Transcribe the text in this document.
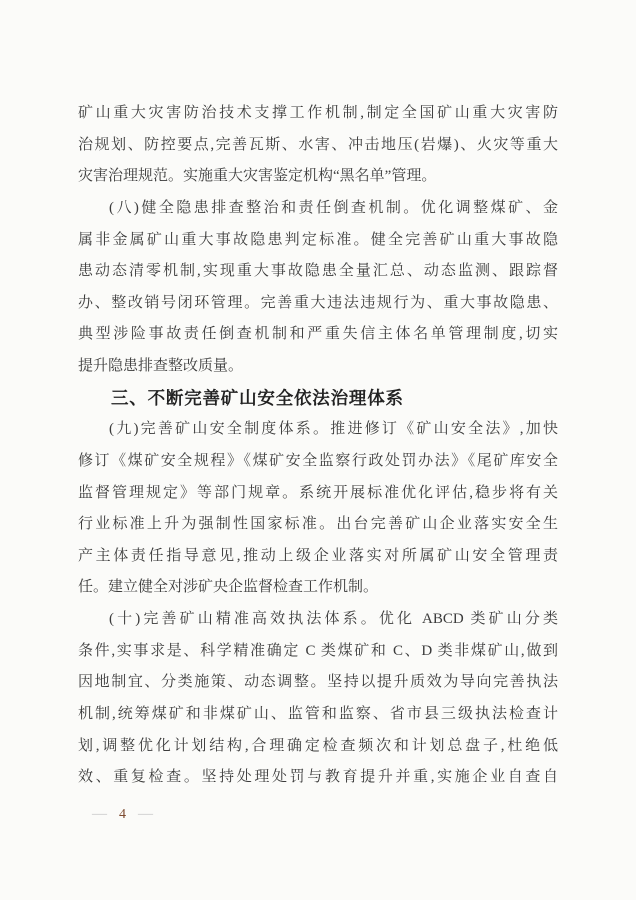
矿山重大灾害防治技术支撑工作机制,制定全国矿山重大灾害防
治规划、防控要点,完善瓦斯、水害、冲击地压(岩爆)、火灾等重大
灾害治理规范。实施重大灾害鉴定机构“黑名单”管理。
(八)健全隐患排查整治和责任倒查机制。优化调整煤矿、金
属非金属矿山重大事故隐患判定标准。健全完善矿山重大事故隐
患动态清零机制,实现重大事故隐患全量汇总、动态监测、跟踪督
办、整改销号闭环管理。完善重大违法违规行为、重大事故隐患、
典型涉险事故责任倒查机制和严重失信主体名单管理制度,切实
提升隐患排查整改质量。
三、不断完善矿山安全依法治理体系
(九)完善矿山安全制度体系。推进修订《矿山安全法》,加快
修订《煤矿安全规程》《煤矿安全监察行政处罚办法》《尾矿库安全
监督管理规定》等部门规章。系统开展标准优化评估,稳步将有关
行业标准上升为强制性国家标准。出台完善矿山企业落实安全生
产主体责任指导意见,推动上级企业落实对所属矿山安全管理责
任。建立健全对涉矿央企监督检查工作机制。
(十)完善矿山精准高效执法体系。优化 ABCD 类矿山分类
条件,实事求是、科学精准确定 C 类煤矿和 C、D 类非煤矿山,做到
因地制宜、分类施策、动态调整。坚持以提升质效为导向完善执法
机制,统筹煤矿和非煤矿山、监管和监察、省市县三级执法检查计
划,调整优化计划结构,合理确定检查频次和计划总盘子,杜绝低
效、重复检查。坚持处理处罚与教育提升并重,实施企业自查自
— 4 —
